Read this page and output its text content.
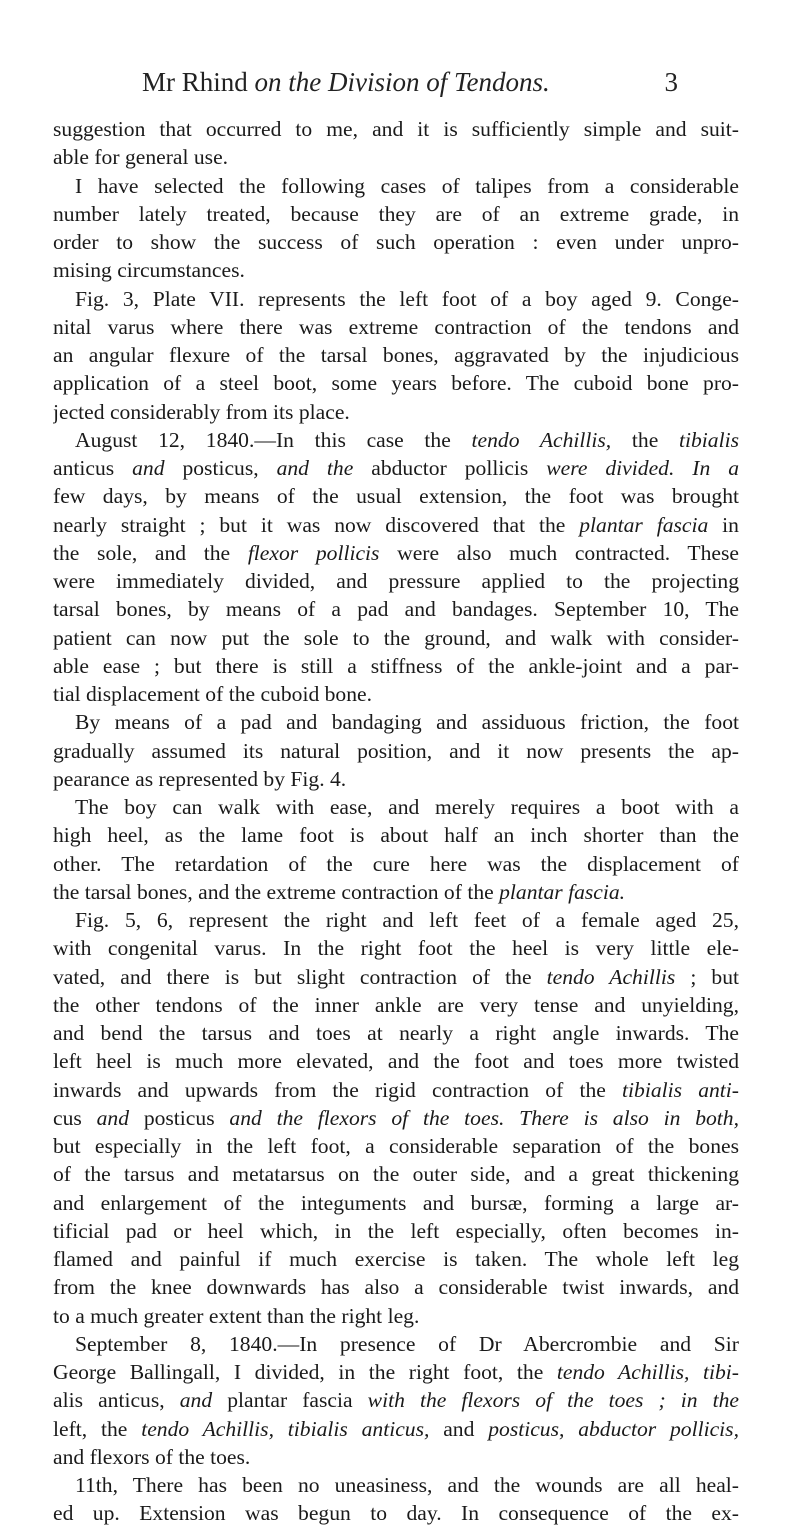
Mr Rhind on the Division of Tendons.	3
suggestion that occurred to me, and it is sufficiently simple and suit-
able for general use.
I have selected the following cases of talipes from a considerable
number lately treated, because they are of an extreme grade, in
order to show the success of such operation : even under unpro-
mising circumstances.
Fig. 3, Plate VII. represents the left foot of a boy aged 9. Conge-
nital varus where there was extreme contraction of the tendons and
an angular flexure of the tarsal bones, aggravated by the injudicious
application of a steel boot, some years before. The cuboid bone pro-
jected considerably from its place.
August 12, 1840.—In this case the tendo Achillis, the tibialis
anticus and posticus, and the abductor pollicis were divided. In a
few days, by means of the usual extension, the foot was brought
nearly straight ; but it was now discovered that the plantar fascia in
the sole, and the flexor pollicis were also much contracted. These
were immediately divided, and pressure applied to the projecting
tarsal bones, by means of a pad and bandages. September 10, The
patient can now put the sole to the ground, and walk with consider-
able ease ; but there is still a stiffness of the ankle-joint and a par-
tial displacement of the cuboid bone.
By means of a pad and bandaging and assiduous friction, the foot
gradually assumed its natural position, and it now presents the ap-
pearance as represented by Fig. 4.
The boy can walk with ease, and merely requires a boot with a
high heel, as the lame foot is about half an inch shorter than the
other. The retardation of the cure here was the displacement of
the tarsal bones, and the extreme contraction of the plantar fascia.
Fig. 5, 6, represent the right and left feet of a female aged 25,
with congenital varus. In the right foot the heel is very little ele-
vated, and there is but slight contraction of the tendo Achillis ; but
the other tendons of the inner ankle are very tense and unyielding,
and bend the tarsus and toes at nearly a right angle inwards. The
left heel is much more elevated, and the foot and toes more twisted
inwards and upwards from the rigid contraction of the tibialis anti-
cus and posticus and the flexors of the toes. There is also in both,
but especially in the left foot, a considerable separation of the bones
of the tarsus and metatarsus on the outer side, and a great thickening
and enlargement of the integuments and bursæ, forming a large ar-
tificial pad or heel which, in the left especially, often becomes in-
flamed and painful if much exercise is taken. The whole left leg
from the knee downwards has also a considerable twist inwards, and
to a much greater extent than the right leg.
September 8, 1840.—In presence of Dr Abercrombie and Sir
George Ballingall, I divided, in the right foot, the tendo Achillis, tibi-
alis anticus, and plantar fascia with the flexors of the toes ; in the
left, the tendo Achillis, tibialis anticus, and posticus, abductor pollicis,
and flexors of the toes.
11th, There has been no uneasiness, and the wounds are all heal-
ed up. Extension was begun to day. In consequence of the ex-
